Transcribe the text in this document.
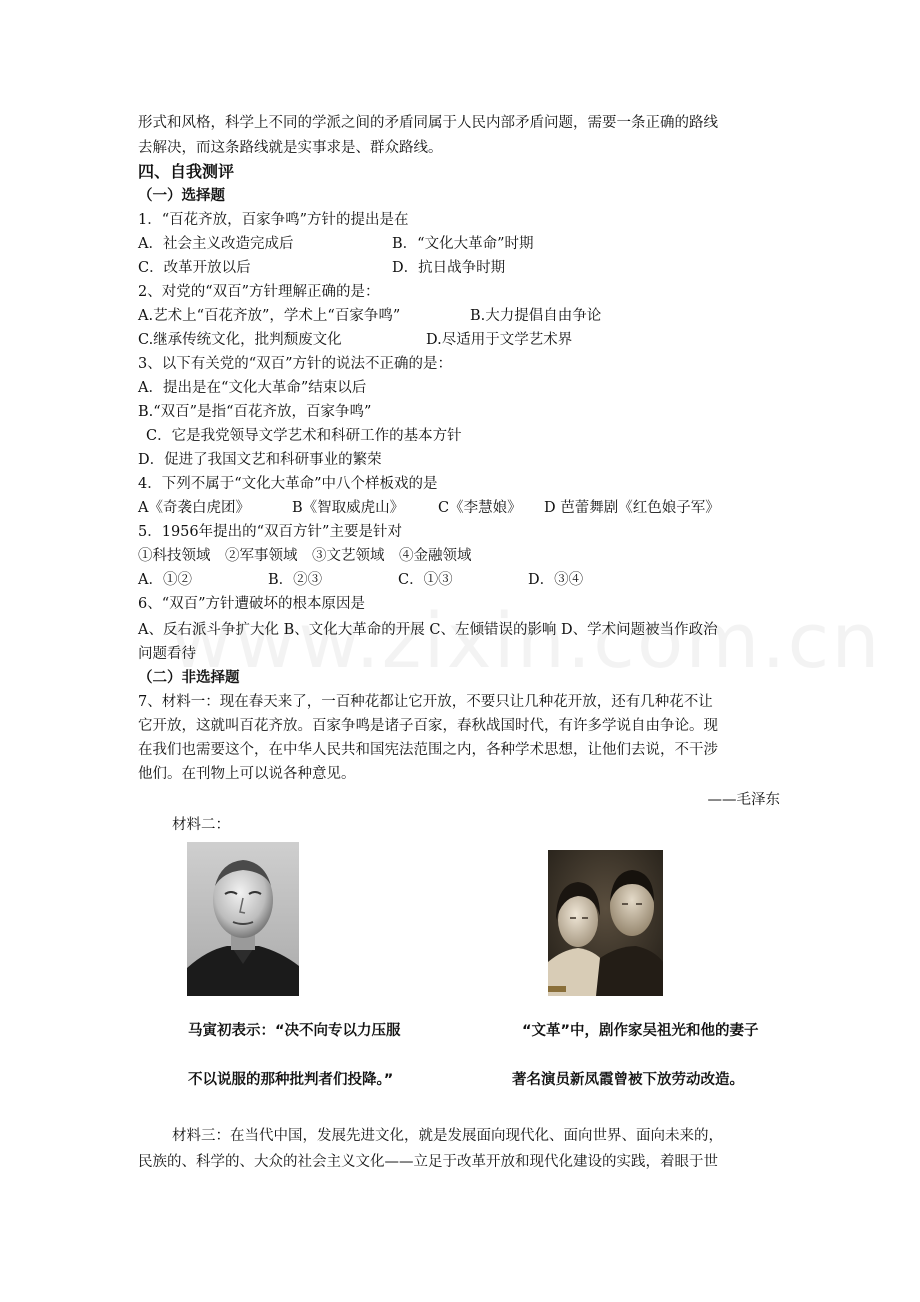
形式和风格，科学上不同的学派之间的矛盾同属于人民内部矛盾问题，需要一条正确的路线
去解决，而这条路线就是实事求是、群众路线。
四、自我测评
（一）选择题
1．“百花齐放，百家争鸣”方针的提出是在
A．社会主义改造完成后	B．“文化大革命”时期
C．改革开放以后	D．抗日战争时期
2、对党的“双百”方针理解正确的是：
A.艺术上“百花齐放”，学术上“百家争鸣”	B.大力提倡自由争论
C.继承传统文化，批判颓废文化	D.尽适用于文学艺术界
3、以下有关党的“双百”方针的说法不正确的是：
A．提出是在“文化大革命”结束以后
B.“双百”是指“百花齐放，百家争鸣”
C．它是我党领导文学艺术和科研工作的基本方针
D．促进了我国文艺和科研事业的繁荣
4．下列不属于“文化大革命”中八个样板戏的是
A《奇袭白虎团》	B《智取威虎山》 C《李慧娘》 D 芭蕾舞剧《红色娘子军》
5．1956年提出的“双百方针”主要是针对
①科技领域　②军事领域　③文艺领域　④金融领域
A．①②	B．②③	C．①③	D．③④
6、“双百”方针遭破坏的根本原因是
A、反右派斗争扩大化 B、文化大革命的开展 C、左倾错误的影响 D、学术问题被当作政治
问题看待
（二）非选择题
7、材料一：现在春天来了，一百种花都让它开放，不要只让几种花开放，还有几种花不让
它开放，这就叫百花齐放。百家争鸣是诸子百家，春秋战国时代，有许多学说自由争论。现
在我们也需要这个，在中华人民共和国宪法范围之内，各种学术思想，让他们去说，不干涉
他们。在刊物上可以说各种意见。
——毛泽东
材料二：
马寅初表示：“决不向专以力压服
不以说服的那种批判者们投降。”
“文革”中，剧作家吴祖光和他的妻子
著名演员新凤霞曾被下放劳动改造。
材料三：在当代中国，发展先进文化，就是发展面向现代化、面向世界、面向未来的，
民族的、科学的、大众的社会主义文化——立足于改革开放和现代化建设的实践，着眼于世
